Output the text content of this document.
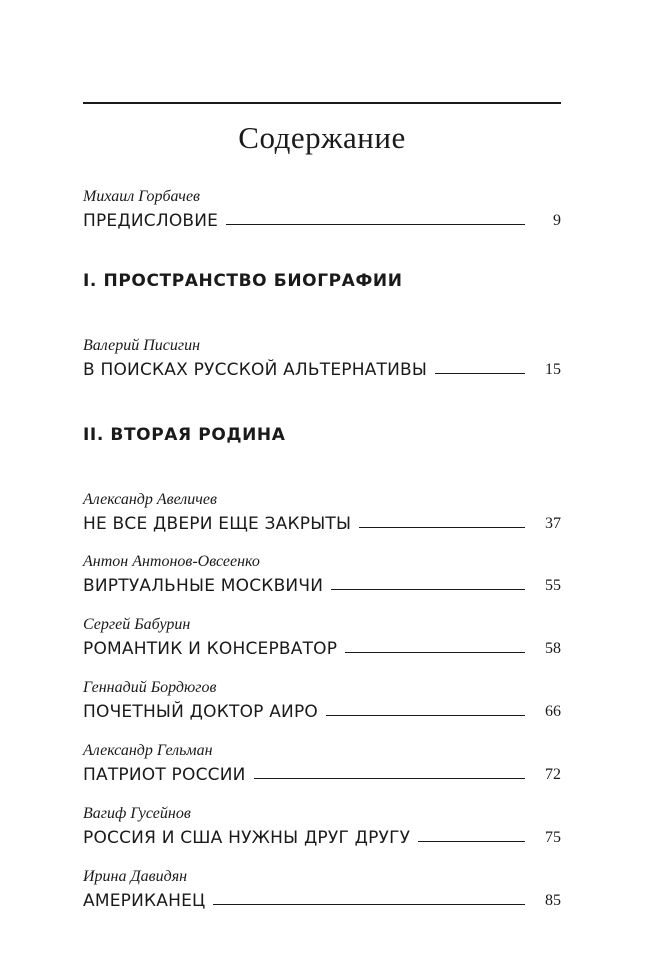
Содержание
Михаил Горбачев
ПРЕДИСЛОВИЕ	9
I. ПРОСТРАНСТВО БИОГРАФИИ
Валерий Писигин
В ПОИСКАХ РУССКОЙ АЛЬТЕРНАТИВЫ	15
II. ВТОРАЯ РОДИНА
Александр Авеличев
НЕ ВСЕ ДВЕРИ ЕЩЕ ЗАКРЫТЫ	37
Антон Антонов-Овсеенко
ВИРТУАЛЬНЫЕ МОСКВИЧИ	55
Сергей Бабурин
РОМАНТИК И КОНСЕРВАТОР	58
Геннадий Бордюгов
ПОЧЕТНЫЙ ДОКТОР АИРО	66
Александр Гельман
ПАТРИОТ РОССИИ	72
Вагиф Гусейнов
РОССИЯ И США НУЖНЫ ДРУГ ДРУГУ	75
Ирина Давидян
АМЕРИКАНЕЦ	85
